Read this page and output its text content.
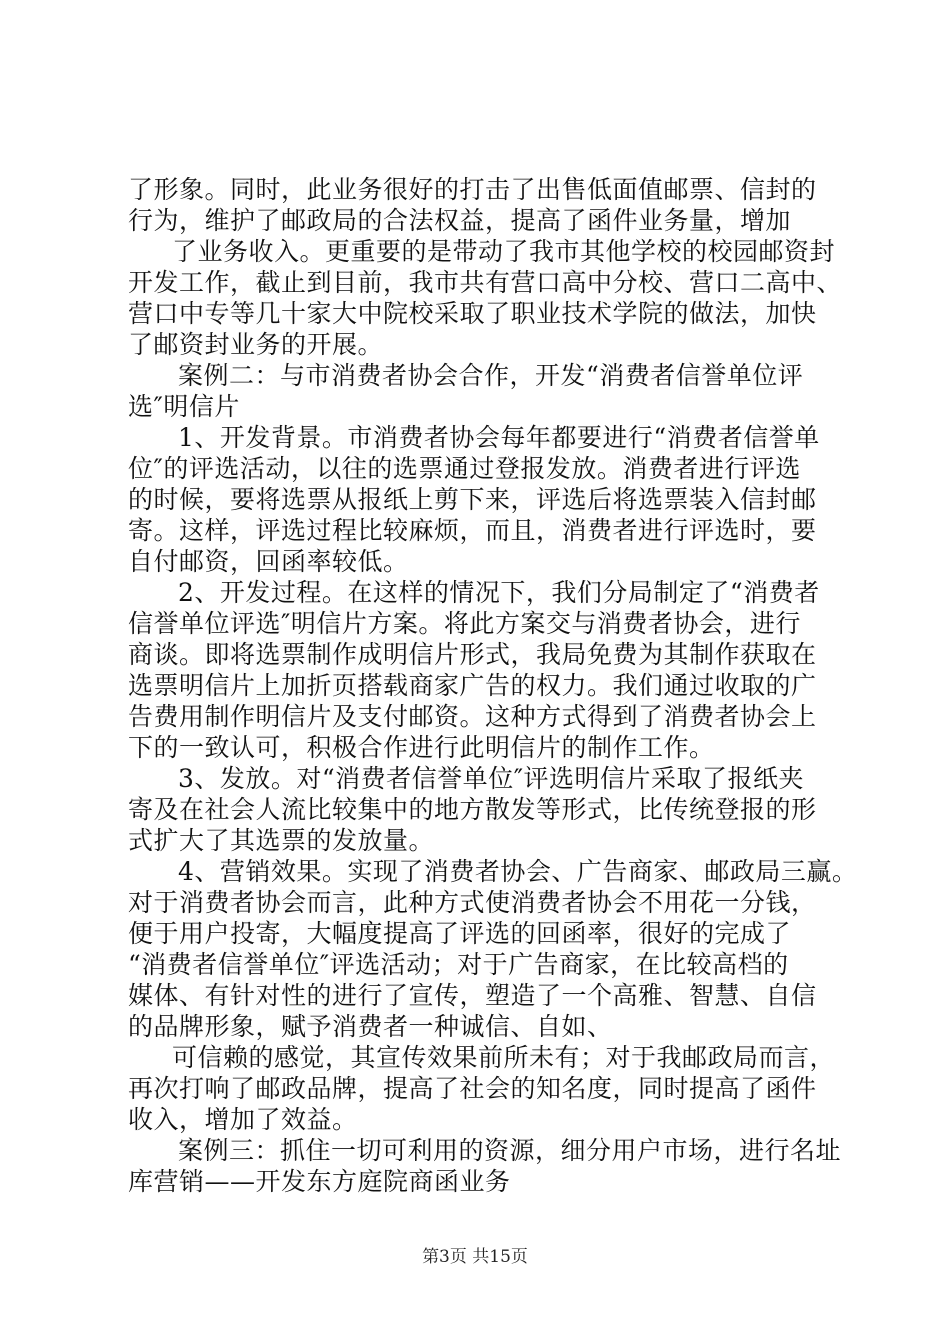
了形象。同时，此业务很好的打击了出售低面值邮票、信封的
行为，维护了邮政局的合法权益，提高了函件业务量，增加
了业务收入。更重要的是带动了我市其他学校的校园邮资封
开发工作，截止到目前，我市共有营口高中分校、营口二高中、
营口中专等几十家大中院校采取了职业技术学院的做法，加快
了邮资封业务的开展。
案例二：与市消费者协会合作，开发“消费者信誉单位评
选″明信片
1、开发背景。市消费者协会每年都要进行“消费者信誉单
位″的评选活动，以往的选票通过登报发放。消费者进行评选
的时候，要将选票从报纸上剪下来，评选后将选票装入信封邮
寄。这样，评选过程比较麻烦，而且，消费者进行评选时，要
自付邮资，回函率较低。
2、开发过程。在这样的情况下，我们分局制定了“消费者
信誉单位评选″明信片方案。将此方案交与消费者协会，进行
商谈。即将选票制作成明信片形式，我局免费为其制作获取在
选票明信片上加折页搭载商家广告的权力。我们通过收取的广
告费用制作明信片及支付邮资。这种方式得到了消费者协会上
下的一致认可，积极合作进行此明信片的制作工作。
3、发放。对“消费者信誉单位″评选明信片采取了报纸夹
寄及在社会人流比较集中的地方散发等形式，比传统登报的形
式扩大了其选票的发放量。
4、营销效果。实现了消费者协会、广告商家、邮政局三赢。
对于消费者协会而言，此种方式使消费者协会不用花一分钱，
便于用户投寄，大幅度提高了评选的回函率，很好的完成了
“消费者信誉单位″评选活动；对于广告商家，在比较高档的
媒体、有针对性的进行了宣传，塑造了一个高雅、智慧、自信
的品牌形象，赋予消费者一种诚信、自如、
可信赖的感觉，其宣传效果前所未有；对于我邮政局而言，
再次打响了邮政品牌，提高了社会的知名度，同时提高了函件
收入，增加了效益。
案例三：抓住一切可利用的资源，细分用户市场，进行名址
库营销——开发东方庭院商函业务
第3页 共15页
